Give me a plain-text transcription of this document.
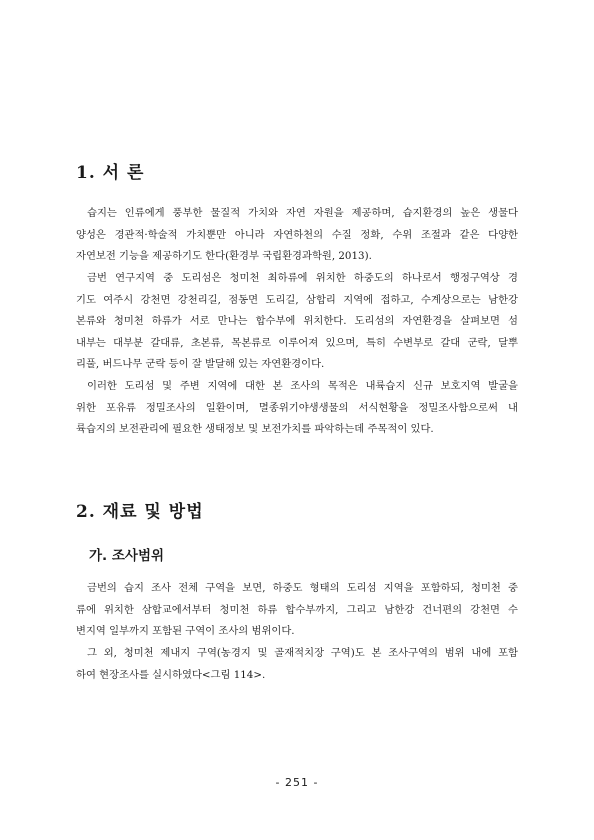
1. 서 론
습지는 인류에게 풍부한 물질적 가치와 자연 자원을 제공하며, 습지환경의 높은 생물다
양성은 경관적·학술적 가치뿐만 아니라 자연하천의 수질 정화, 수위 조절과 같은 다양한
자연보전 기능을 제공하기도 한다(환경부 국립환경과학원, 2013).
금번 연구지역 중 도리섬은 청미천 최하류에 위치한 하중도의 하나로서 행정구역상 경
기도 여주시 강천면 강천리길, 점동면 도리길, 삼합리 지역에 접하고, 수계상으로는 남한강
본류와 청미천 하류가 서로 만나는 합수부에 위치한다. 도리섬의 자연환경을 살펴보면 섬
내부는 대부분 갈대류, 초본류, 목본류로 이루어져 있으며, 특히 수변부로 갈대 군락, 달뿌
리풀, 버드나무 군락 등이 잘 발달해 있는 자연환경이다.
이러한 도리섬 및 주변 지역에 대한 본 조사의 목적은 내륙습지 신규 보호지역 발굴을
위한 포유류 정밀조사의 일환이며, 멸종위기야생생물의 서식현황을 정밀조사함으로써 내
륙습지의 보전관리에 필요한 생태정보 및 보전가치를 파악하는데 주목적이 있다.
2. 재료 및 방법
가. 조사범위
금번의 습지 조사 전체 구역을 보면, 하중도 형태의 도리섬 지역을 포함하되, 청미천 중
류에 위치한 삼합교에서부터 청미천 하류 합수부까지, 그리고 남한강 건너편의 강천면 수
변지역 일부까지 포함된 구역이 조사의 범위이다.
그 외, 청미천 제내지 구역(농경지 및 골재적치장 구역)도 본 조사구역의 범위 내에 포함
하여 현장조사를 실시하였다<그림 114>.
- 251 -
